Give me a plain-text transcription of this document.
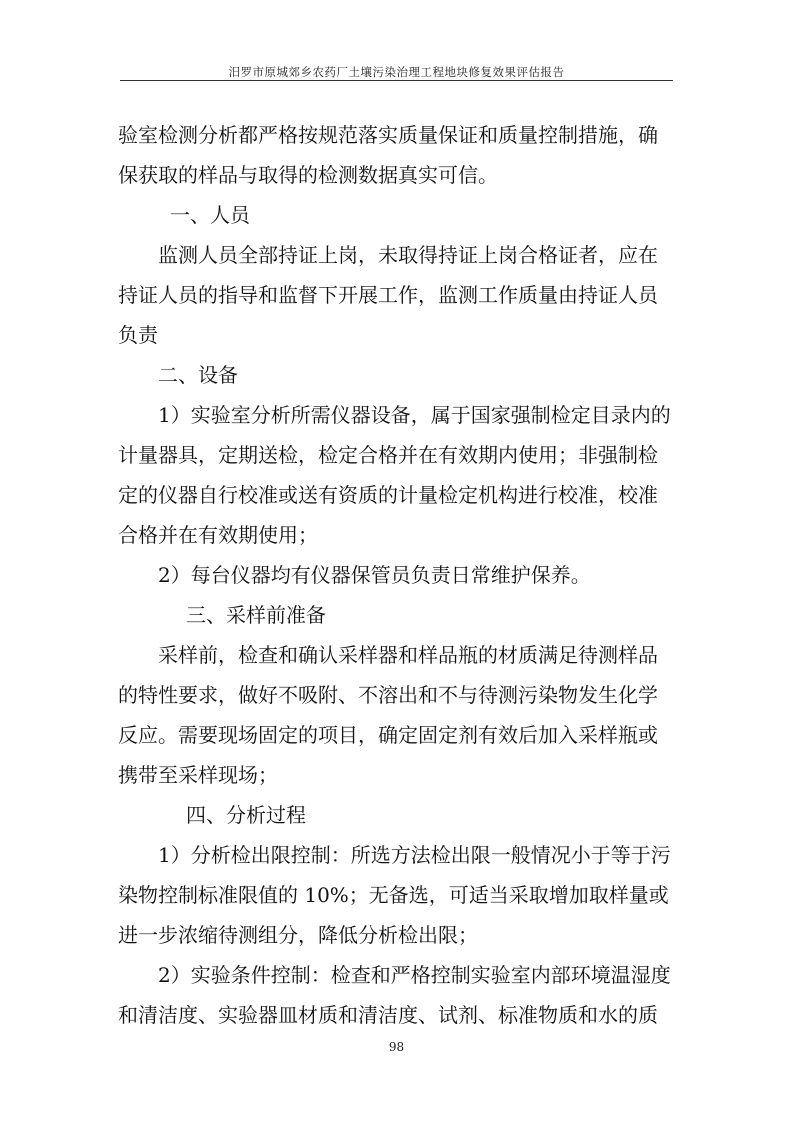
汨罗市原城郊乡农药厂土壤污染治理工程地块修复效果评估报告
验室检测分析都严格按规范落实质量保证和质量控制措施，确
保获取的样品与取得的检测数据真实可信。
一、人员
监测人员全部持证上岗，未取得持证上岗合格证者，应在
持证人员的指导和监督下开展工作，监测工作质量由持证人员
负责
二、设备
1）实验室分析所需仪器设备，属于国家强制检定目录内的
计量器具，定期送检，检定合格并在有效期内使用；非强制检
定的仪器自行校准或送有资质的计量检定机构进行校准，校准
合格并在有效期使用；
2）每台仪器均有仪器保管员负责日常维护保养。
三、采样前准备
采样前，检查和确认采样器和样品瓶的材质满足待测样品
的特性要求，做好不吸附、不溶出和不与待测污染物发生化学
反应。需要现场固定的项目，确定固定剂有效后加入采样瓶或
携带至采样现场；
四、分析过程
1）分析检出限控制：所选方法检出限一般情况小于等于污
染物控制标准限值的 10%；无备选，可适当采取增加取样量或
进一步浓缩待测组分，降低分析检出限；
2）实验条件控制：检查和严格控制实验室内部环境温湿度
和清洁度、实验器皿材质和清洁度、试剂、标准物质和水的质
98
